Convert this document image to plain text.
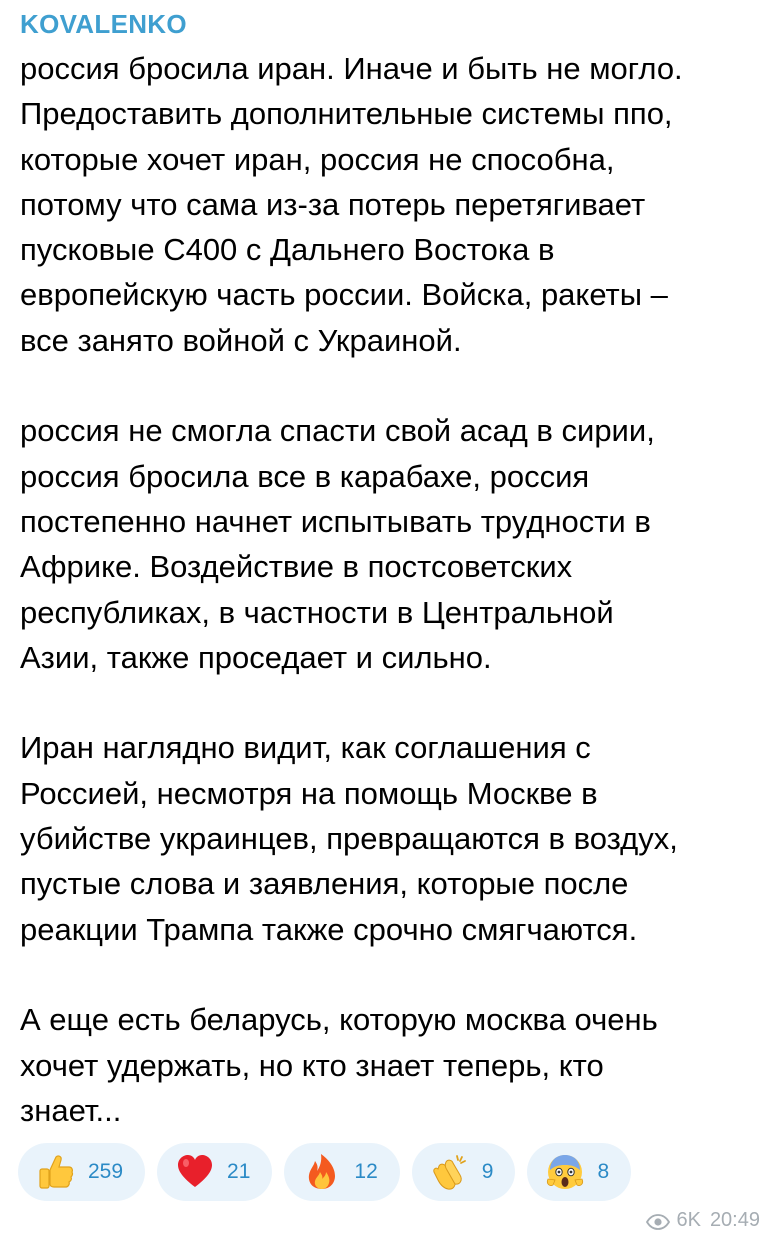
KOVALENKO
россия бросила иран. Иначе и быть не могло.
Предоставить дополнительные системы ппо,
которые хочет иран, россия не способна,
потому что сама из-за потерь перетягивает
пусковые С400 с Дальнего Востока в
европейскую часть россии. Войска, ракеты –
все занято войной с Украиной.

россия не смогла спасти свой асад в сирии,
россия бросила все в карабахе, россия
постепенно начнет испытывать трудности в
Африке. Воздействие в постсоветских
республиках, в частности в Центральной
Азии, также проседает и сильно.

Иран наглядно видит, как соглашения с
Россией, несмотря на помощь Москве в
убийстве украинцев, превращаются в воздух,
пустые слова и заявления, которые после
реакции Трампа также срочно смягчаются.

А еще есть беларусь, которую москва очень
хочет удержать, но кто знает теперь, кто
знает...
259	21	12	9	8
6K 20:49
